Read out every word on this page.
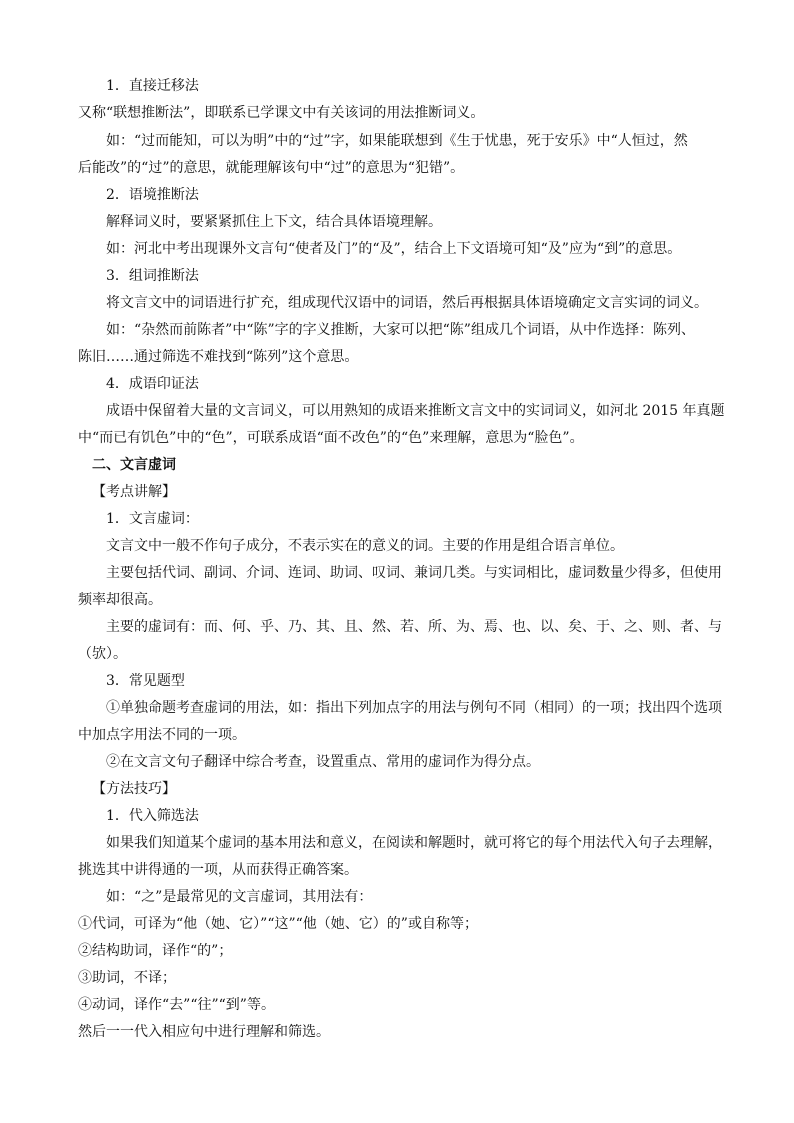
1．直接迁移法

又称“联想推断法”，即联系已学课文中有关该词的用法推断词义。

如：“过而能知，可以为明”中的“过”字，如果能联想到《生于忧患，死于安乐》中“人恒过，然

后能改”的“过”的意思，就能理解该句中“过”的意思为“犯错”。

2．语境推断法

解释词义时，要紧紧抓住上下文，结合具体语境理解。

如：河北中考出现课外文言句“使者及门”的“及”，结合上下文语境可知“及”应为“到”的意思。

3．组词推断法

将文言文中的词语进行扩充，组成现代汉语中的词语，然后再根据具体语境确定文言实词的词义。

如：“杂然而前陈者”中“陈”字的字义推断，大家可以把“陈”组成几个词语，从中作选择：陈列、

陈旧……通过筛选不难找到“陈列”这个意思。

4．成语印证法

成语中保留着大量的文言词义，可以用熟知的成语来推断文言文中的实词词义，如河北 2015 年真题

中“而已有饥色”中的“色”，可联系成语“面不改色”的“色”来理解，意思为“脸色”。

二、文言虚词

【考点讲解】

1．文言虚词：

文言文中一般不作句子成分，不表示实在的意义的词。主要的作用是组合语言单位。

主要包括代词、副词、介词、连词、助词、叹词、兼词几类。与实词相比，虚词数量少得多，但使用

频率却很高。

主要的虚词有：而、何、乎、乃、其、且、然、若、所、为、焉、也、以、矣、于、之、则、者、与

（欤）。

3．常见题型

①单独命题考查虚词的用法，如：指出下列加点字的用法与例句不同（相同）的一项；找出四个选项

中加点字用法不同的一项。

②在文言文句子翻译中综合考查，设置重点、常用的虚词作为得分点。

【方法技巧】

1．代入筛选法

如果我们知道某个虚词的基本用法和意义，在阅读和解题时，就可将它的每个用法代入句子去理解，

挑选其中讲得通的一项，从而获得正确答案。

如：“之”是最常见的文言虚词，其用法有：

①代词，可译为“他（她、它）”“这”“他（她、它）的”或自称等；

②结构助词，译作“的”；

③助词，不译；

④动词，译作“去”“往”“到”等。

然后一一代入相应句中进行理解和筛选。
